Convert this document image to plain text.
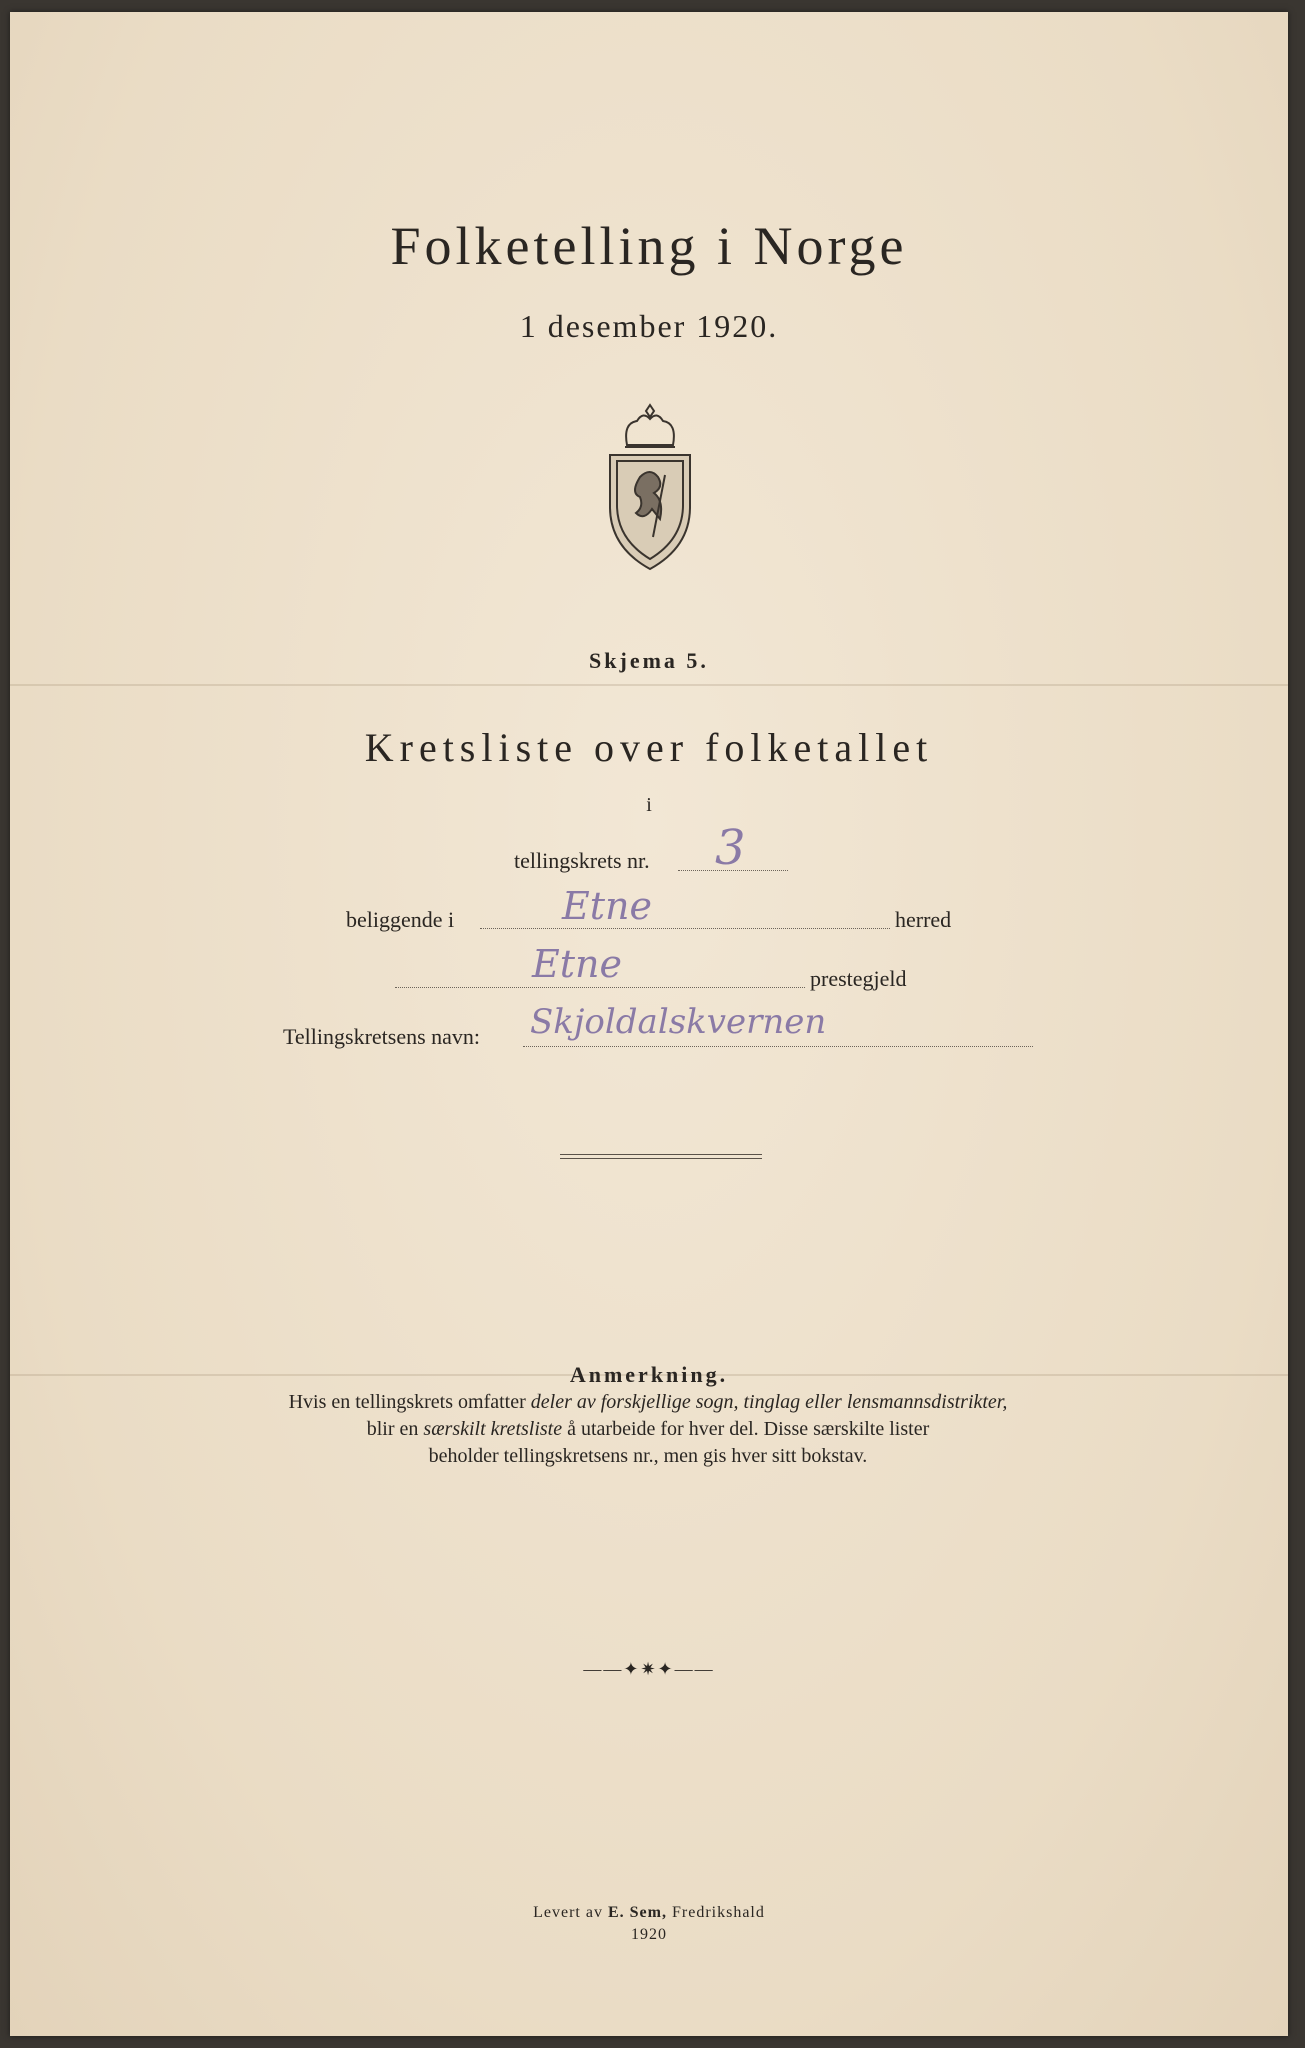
Folketelling i Norge
1 desember 1920.
Skjema 5.
Kretsliste over folketallet
i
tellingskrets nr. 3
beliggende i	Etne	herred
Etne	prestegjeld
Tellingskretsens navn: Skjoldalskvernen
Anmerkning.
Hvis en tellingskrets omfatter deler av forskjellige sogn, tinglag eller lensmannsdistrikter,
blir en særskilt kretsliste å utarbeide for hver del. Disse særskilte lister
beholder tellingskretsens nr., men gis hver sitt bokstav.
——✦✷✦——
Levert av E. Sem, Fredrikshald
1920
